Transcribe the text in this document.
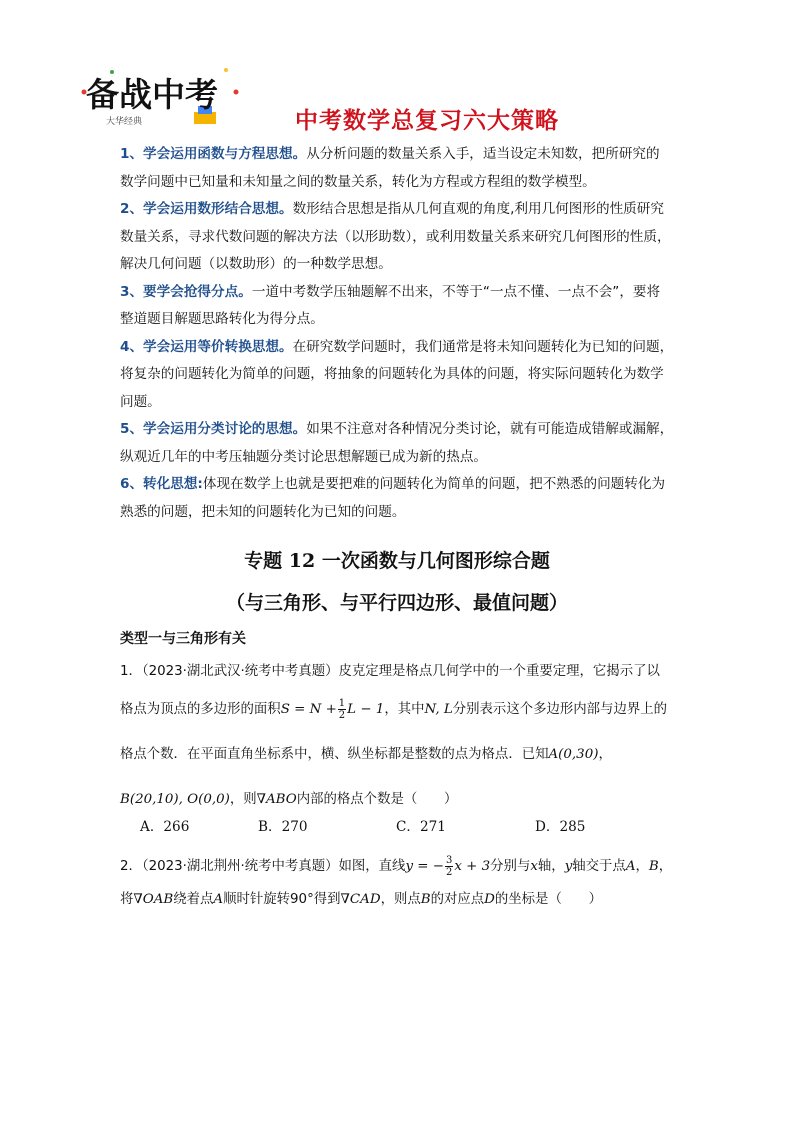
备战中考
大华经典	中考数学总复习六大策略

1、学会运用函数与方程思想。从分析问题的数量关系入手，适当设定未知数，把所研究的
数学问题中已知量和未知量之间的数量关系，转化为方程或方程组的数学模型。

2、学会运用数形结合思想。数形结合思想是指从几何直观的角度,利用几何图形的性质研究
数量关系，寻求代数问题的解决方法（以形助数），或利用数量关系来研究几何图形的性质，
解决几何问题（以数助形）的一种数学思想。

3、要学会抢得分点。一道中考数学压轴题解不出来，不等于“一点不懂、一点不会”，要将
整道题目解题思路转化为得分点。

4、学会运用等价转换思想。在研究数学问题时，我们通常是将未知问题转化为已知的问题，
将复杂的问题转化为简单的问题，将抽象的问题转化为具体的问题，将实际问题转化为数学
问题。

5、学会运用分类讨论的思想。如果不注意对各种情况分类讨论，就有可能造成错解或漏解，
纵观近几年的中考压轴题分类讨论思想解题已成为新的热点。

6、转化思想:体现在数学上也就是要把难的问题转化为简单的问题，把不熟悉的问题转化为
熟悉的问题，把未知的问题转化为已知的问题。

专题 12 一次函数与几何图形综合题
（与三角形、与平行四边形、最值问题）
类型一与三角形有关
1．（2023·湖北武汉·统考中考真题）皮克定理是格点几何学中的一个重要定理，它揭示了以
格点为顶点的多边形的面积$S = N + \frac{1}{2}$ L − 1，其中N, L分别表示这个多边形内部与边界上的
格点个数．在平面直角坐标系中，横、纵坐标都是整数的点为格点．已知A(0,30)，
B(20,10), O(0,0)，则∇ABO内部的格点个数是（　　）
A．266	B．270	C．271	D．285
2．（2023·湖北荆州·统考中考真题）如图，直线y = − $\frac{3}{2}$ x + 3分别与x轴，y轴交于点A，B，
将∇OAB绕着点A顺时针旋转90°得到∇CAD，则点B的对应点D的坐标是（　　）
